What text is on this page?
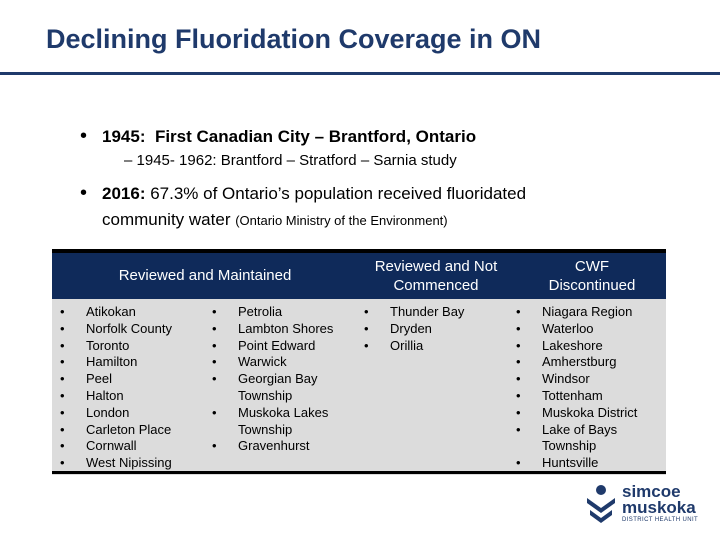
Declining Fluoridation Coverage in ON
• 1945: First Canadian City – Brantford, Ontario
– 1945- 1962: Brantford – Stratford – Sarnia study
• 2016: 67.3% of Ontario’s population received fluoridated
community water (Ontario Ministry of the Environment)
Reviewed and Maintained
Reviewed and Not
Commenced
CWF
Discontinued
• Atikokan
• Norfolk County
• Toronto
• Hamilton
• Peel
• Halton
• London
• Carleton Place
• Cornwall
• West Nipissing
• Petrolia
• Lambton Shores
• Point Edward
• Warwick
• Georgian Bay
Township
• Muskoka Lakes
Township
• Gravenhurst
• Thunder Bay
• Dryden
• Orillia
• Niagara Region
• Waterloo
• Lakeshore
• Amherstburg
• Windsor
• Tottenham
• Muskoka District
• Lake of Bays
Township
• Huntsville
simcoe
muskoka
DISTRICT HEALTH UNIT
